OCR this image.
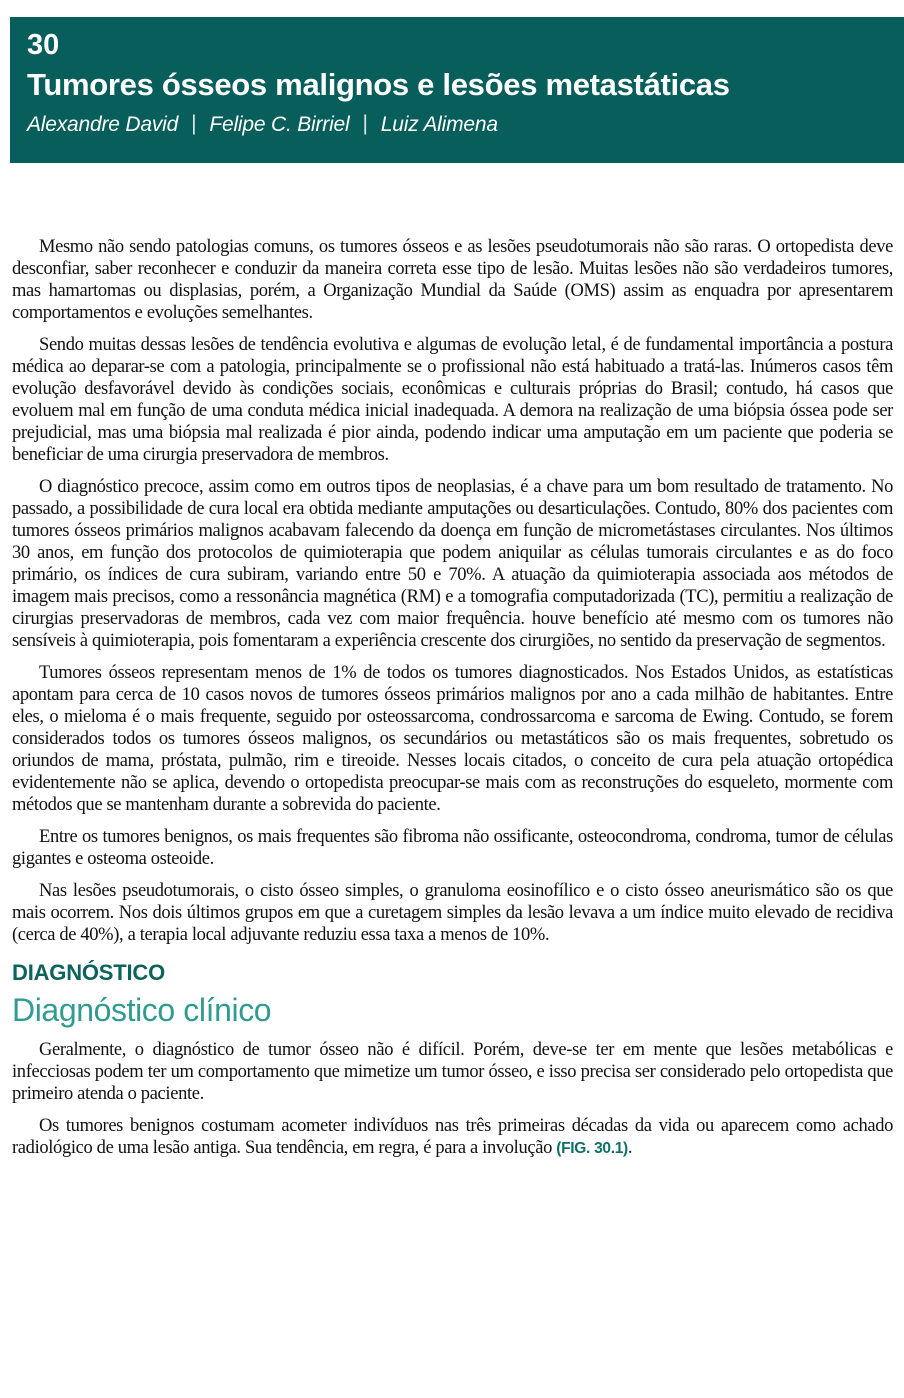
30
Tumores ósseos malignos e lesões metastáticas
Alexandre David | Felipe C. Birriel | Luiz Alimena

Mesmo não sendo patologias comuns, os tumores ósseos e as lesões pseudotumorais não são raras. O ortopedista deve desconfiar, saber reconhecer e conduzir da maneira correta esse tipo de lesão. Muitas lesões não são verdadeiros tumores, mas hamartomas ou displasias, porém, a Organização Mundial da Saúde (OMS) assim as enquadra por apresentarem comportamentos e evoluções semelhantes.

Sendo muitas dessas lesões de tendência evolutiva e algumas de evolução letal, é de fundamental importância a postura médica ao deparar-se com a patologia, principalmente se o profissional não está habituado a tratá-las. Inúmeros casos têm evolução desfavorável devido às condições sociais, econômicas e culturais próprias do Brasil; contudo, há casos que evoluem mal em função de uma conduta médica inicial inadequada. A demora na realização de uma biópsia óssea pode ser prejudicial, mas uma biópsia mal realizada é pior ainda, podendo indicar uma amputação em um paciente que poderia se beneficiar de uma cirurgia preservadora de membros.

O diagnóstico precoce, assim como em outros tipos de neoplasias, é a chave para um bom resultado de tratamento. No passado, a possibilidade de cura local era obtida mediante amputações ou desarticulações. Contudo, 80% dos pacientes com tumores ósseos primários malignos acabavam falecendo da doença em função de micrometástases circulantes. Nos últimos 30 anos, em função dos protocolos de quimioterapia que podem aniquilar as células tumorais circulantes e as do foco primário, os índices de cura subiram, variando entre 50 e 70%. A atuação da quimioterapia associada aos métodos de imagem mais precisos, como a ressonância magnética (RM) e a tomografia computadorizada (TC), permitiu a realização de cirurgias preservadoras de membros, cada vez com maior frequência. houve benefício até mesmo com os tumores não sensíveis à quimioterapia, pois fomentaram a experiência crescente dos cirurgiões, no sentido da preservação de segmentos.

Tumores ósseos representam menos de 1% de todos os tumores diagnosticados. Nos Estados Unidos, as estatísticas apontam para cerca de 10 casos novos de tumores ósseos primários malignos por ano a cada milhão de habitantes. Entre eles, o mieloma é o mais frequente, seguido por osteossarcoma, condrossarcoma e sarcoma de Ewing. Contudo, se forem considerados todos os tumores ósseos malignos, os secundários ou metastáticos são os mais frequentes, sobretudo os oriundos de mama, próstata, pulmão, rim e tireoide. Nesses locais citados, o conceito de cura pela atuação ortopédica evidentemente não se aplica, devendo o ortopedista preocupar-se mais com as reconstruções do esqueleto, mormente com métodos que se mantenham durante a sobrevida do paciente.

Entre os tumores benignos, os mais frequentes são fibroma não ossificante, osteocondroma, condroma, tumor de células gigantes e osteoma osteoide.

Nas lesões pseudotumorais, o cisto ósseo simples, o granuloma eosinofílico e o cisto ósseo aneurismático são os que mais ocorrem. Nos dois últimos grupos em que a curetagem simples da lesão levava a um índice muito elevado de recidiva (cerca de 40%), a terapia local adjuvante reduziu essa taxa a menos de 10%.

DIAGNÓSTICO
Diagnóstico clínico

Geralmente, o diagnóstico de tumor ósseo não é difícil. Porém, deve-se ter em mente que lesões metabólicas e infecciosas podem ter um comportamento que mimetize um tumor ósseo, e isso precisa ser considerado pelo ortopedista que primeiro atenda o paciente.

Os tumores benignos costumam acometer indivíduos nas três primeiras décadas da vida ou aparecem como achado radiológico de uma lesão antiga. Sua tendência, em regra, é para a involução (FIG. 30.1).
